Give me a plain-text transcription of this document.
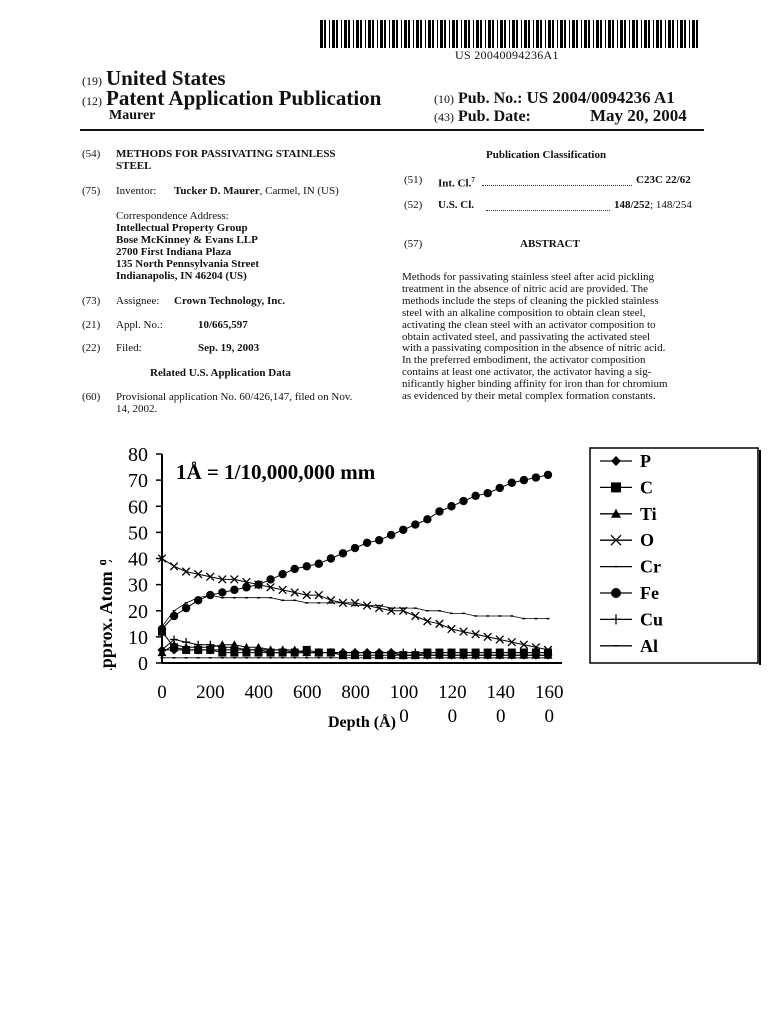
US 20040094236A1
(19) United States
(12) Patent Application Publication
Maurer
(10) Pub. No.: US 2004/0094236 A1
(43) Pub. Date:	May 20, 2004
(54) METHODS FOR PASSIVATING STAINLESS
STEEL
(75) Inventor: Tucker D. Maurer, Carmel, IN (US)
Correspondence Address:
Intellectual Property Group
Bose McKinney & Evans LLP
2700 First Indiana Plaza
135 North Pennsylvania Street
Indianapolis, IN 46204 (US)
(73) Assignee: Crown Technology, Inc.
(21) Appl. No.:	10/665,597
(22) Filed:	Sep. 19, 2003
Related U.S. Application Data
(60) Provisional application No. 60/426,147, filed on Nov.
14, 2002.
Publication Classification
(51) Int. Cl.$^7$	C23C 22/62
(52) U.S. Cl.	148/252; 148/254
(57)	ABSTRACT
Methods for passivating stainless steel after acid pickling
treatment in the absence of nitric acid are provided. The
methods include the steps of cleaning the pickled stainless
steel with an alkaline composition to obtain clean steel,
activating the clean steel with an activator composition to
obtain activated steel, and passivating the activated steel
with a passivating composition in the absence of nitric acid.
In the preferred embodiment, the activator composition
contains at least one activator, the activator having a sig-
nificantly higher binding affinity for iron than for chromium
as evidenced by their metal complex formation constants.
0
10
20
30
40
50
60
70
80
0 200 400 600 800 100 120 140 160
0 0 0 0
1Å = 1/10,000,000 mm
Depth (Å)
P
C
Ti
O
Cr
Fe
Cu
Al
Approx. Atom %
